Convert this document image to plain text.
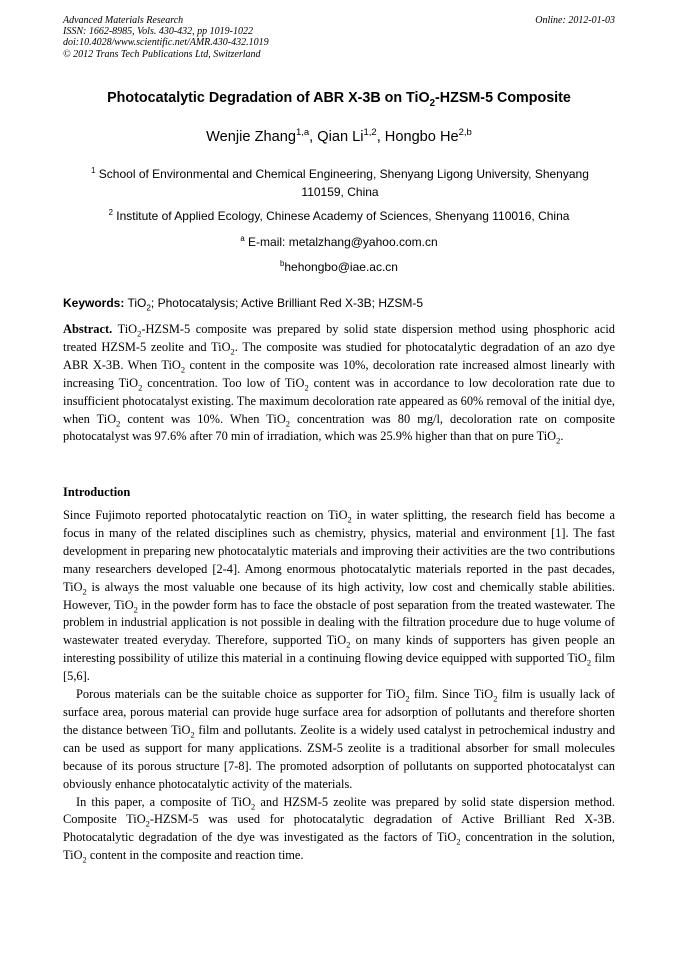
Advanced Materials Research
ISSN: 1662-8985, Vols. 430-432, pp 1019-1022
doi:10.4028/www.scientific.net/AMR.430-432.1019
© 2012 Trans Tech Publications Ltd, Switzerland
Online: 2012-01-03
Photocatalytic Degradation of ABR X-3B on TiO$_2$-HZSM-5 Composite
Wenjie Zhang$^{1,a}$, Qian Li$^{1,2}$, Hongbo He$^{2,b}$
$^1$ School of Environmental and Chemical Engineering, Shenyang Ligong University, Shenyang 110159, China
$^2$ Institute of Applied Ecology, Chinese Academy of Sciences, Shenyang 110016, China
$^a$ E-mail: metalzhang@yahoo.com.cn
$^b$hehongbo@iae.ac.cn
Keywords: TiO$_2$; Photocatalysis; Active Brilliant Red X-3B; HZSM-5
Abstract. TiO$_2$-HZSM-5 composite was prepared by solid state dispersion method using phosphoric acid treated HZSM-5 zeolite and TiO$_2$. The composite was studied for photocatalytic degradation of an azo dye ABR X-3B. When TiO$_2$ content in the composite was 10%, decoloration rate increased almost linearly with increasing TiO$_2$ concentration. Too low of TiO$_2$ content was in accordance to low decoloration rate due to insufficient photocatalyst existing. The maximum decoloration rate appeared as 60% removal of the initial dye, when TiO$_2$ content was 10%. When TiO$_2$ concentration was 80 mg/l, decoloration rate on composite photocatalyst was 97.6% after 70 min of irradiation, which was 25.9% higher than that on pure TiO$_2$.
Introduction

Since Fujimoto reported photocatalytic reaction on TiO$_2$ in water splitting, the research field has become a focus in many of the related disciplines such as chemistry, physics, material and environment [1]. The fast development in preparing new photocatalytic materials and improving their activities are the two contributions many researchers developed [2-4]. Among enormous photocatalytic materials reported in the past decades, TiO$_2$ is always the most valuable one because of its high activity, low cost and chemically stable abilities. However, TiO$_2$ in the powder form has to face the obstacle of post separation from the treated wastewater. The problem in industrial application is not possible in dealing with the filtration procedure due to huge volume of wastewater treated everyday. Therefore, supported TiO$_2$ on many kinds of supporters has given people an interesting possibility of utilize this material in a continuing flowing device equipped with supported TiO$_2$ film [5,6].

Porous materials can be the suitable choice as supporter for TiO$_2$ film. Since TiO$_2$ film is usually lack of surface area, porous material can provide huge surface area for adsorption of pollutants and therefore shorten the distance between TiO$_2$ film and pollutants. Zeolite is a widely used catalyst in petrochemical industry and can be used as support for many applications. ZSM-5 zeolite is a traditional absorber for small molecules because of its porous structure [7-8]. The promoted adsorption of pollutants on supported photocatalyst can obviously enhance photocatalytic activity of the materials.

In this paper, a composite of TiO$_2$ and HZSM-5 zeolite was prepared by solid state dispersion method. Composite TiO$_2$-HZSM-5 was used for photocatalytic degradation of Active Brilliant Red X-3B. Photocatalytic degradation of the dye was investigated as the factors of TiO$_2$ concentration in the solution, TiO$_2$ content in the composite and reaction time.
